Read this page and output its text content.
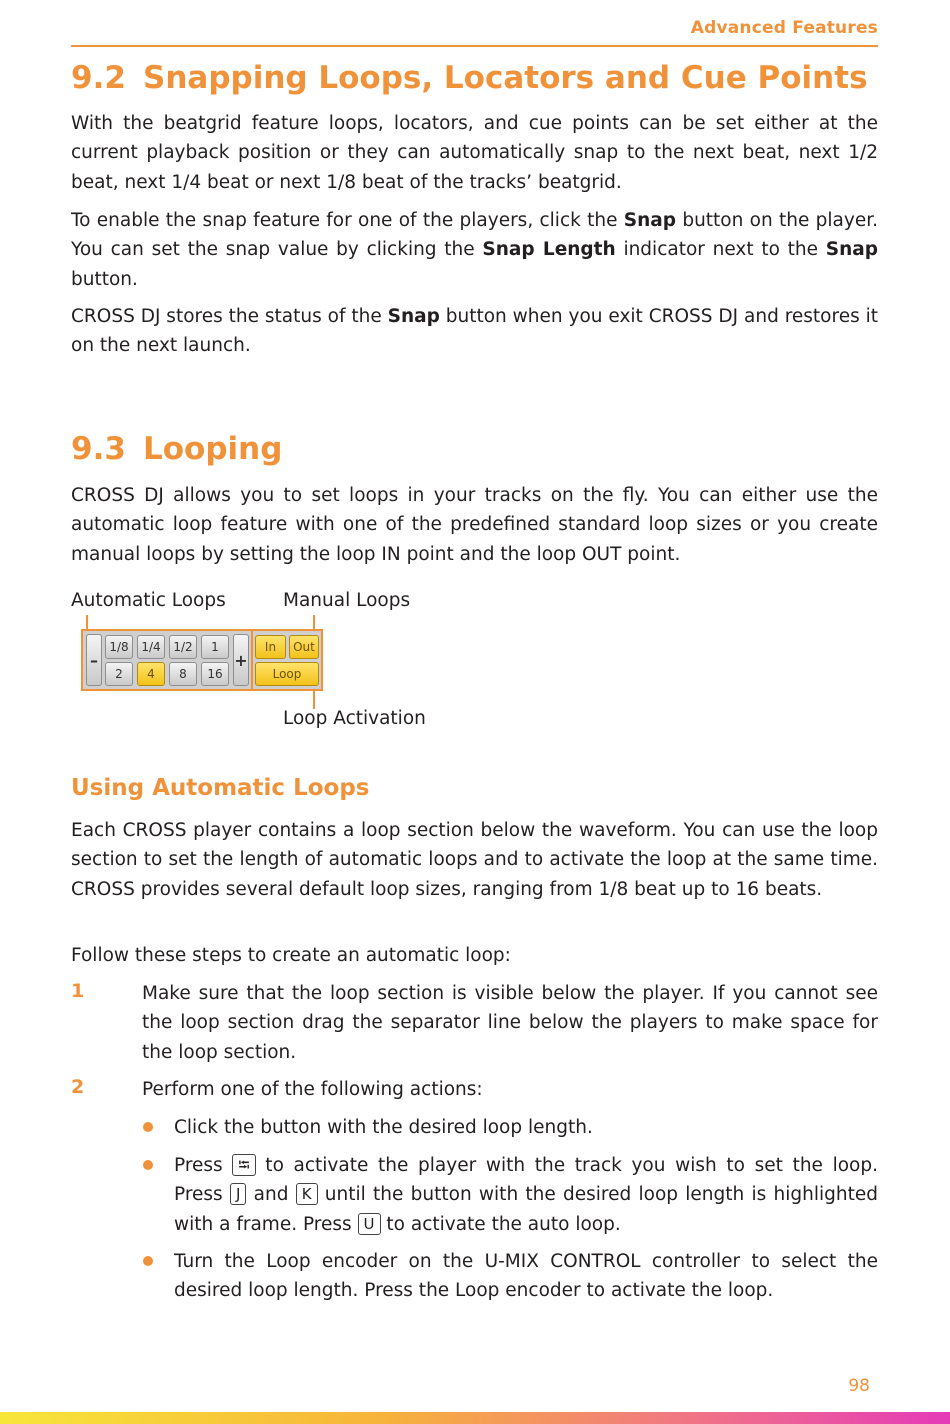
Advanced Features
9.2 Snapping Loops, Locators and Cue Points

With the beatgrid feature loops, locators, and cue points can be set either at the current playback position or they can automatically snap to the next beat, next 1/2 beat, next 1/4 beat or next 1/8 beat of the tracks’ beatgrid.

To enable the snap feature for one of the players, click the Snap button on the player. You can set the snap value by clicking the Snap Length indicator next to the Snap button.

CROSS DJ stores the status of the Snap button when you exit CROSS DJ and restores it on the next launch.

9.3 Looping

CROSS DJ allows you to set loops in your tracks on the fly. You can either use the automatic loop feature with one of the predefined standard loop sizes or you create manual loops by setting the loop IN point and the loop OUT point.

Automatic Loops	Manual Loops
–
1/8	1/4	1/2	1
2	4	8	16
+
In	Out
Loop
Loop Activation
Using Automatic Loops

Each CROSS player contains a loop section below the waveform. You can use the loop section to set the length of automatic loops and to activate the loop at the same time. CROSS provides several default loop sizes, ranging from 1/8 beat up to 16 beats.

Follow these steps to create an automatic loop:

1	Make sure that the loop section is visible below the player. If you cannot see the loop section drag the separator line below the players to make space for the loop section.

2	Perform one of the following actions:

Click the button with the desired loop length.

Press ⭾ to activate the player with the track you wish to set the loop. Press J and K until the button with the desired loop length is highlighted with a frame. Press U to activate the auto loop.

Turn the Loop encoder on the U-MIX CONTROL controller to select the desired loop length. Press the Loop encoder to activate the loop.

98
